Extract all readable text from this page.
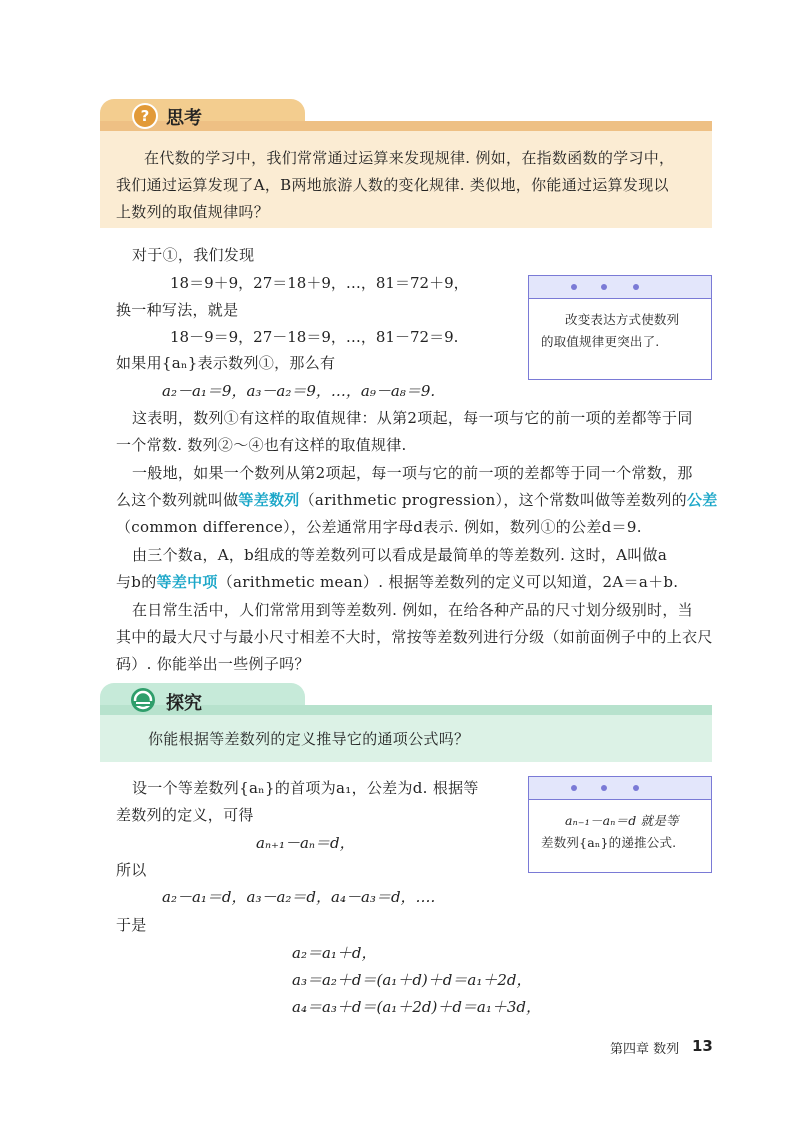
? 思考
在代数的学习中，我们常常通过运算来发现规律. 例如，在指数函数的学习中，
我们通过运算发现了A，B两地旅游人数的变化规律. 类似地，你能通过运算发现以
上数列的取值规律吗？
对于①，我们发现
18＝9＋9，27＝18＋9，…，81＝72＋9，
换一种写法，就是
18－9＝9，27－18＝9，…，81－72＝9.
如果用{aₙ}表示数列①，那么有
a₂－a₁＝9，a₃－a₂＝9，…，a₉－a₈＝9.
这表明，数列①有这样的取值规律：从第2项起，每一项与它的前一项的差都等于同
一个常数. 数列②～④也有这样的取值规律.
一般地，如果一个数列从第2项起，每一项与它的前一项的差都等于同一个常数，那
么这个数列就叫做等差数列（arithmetic progression），这个常数叫做等差数列的公差
（common difference），公差通常用字母d表示. 例如，数列①的公差d＝9.
由三个数a，A，b组成的等差数列可以看成是最简单的等差数列. 这时，A叫做a
与b的等差中项（arithmetic mean）. 根据等差数列的定义可以知道，2A＝a＋b.
在日常生活中，人们常常用到等差数列. 例如，在给各种产品的尺寸划分级别时，当
其中的最大尺寸与最小尺寸相差不大时，常按等差数列进行分级（如前面例子中的上衣尺
码）. 你能举出一些例子吗？
改变表达方式使数列
的取值规律更突出了.
探究
你能根据等差数列的定义推导它的通项公式吗？
设一个等差数列{aₙ}的首项为a₁，公差为d. 根据等
差数列的定义，可得
aₙ₊₁－aₙ＝d，
所以
a₂－a₁＝d，a₃－a₂＝d，a₄－a₃＝d，….
于是
a₂＝a₁＋d，
a₃＝a₂＋d＝(a₁＋d)＋d＝a₁＋2d，
a₄＝a₃＋d＝(a₁＋2d)＋d＝a₁＋3d，
aₙ₋₁－aₙ＝d 就是等
差数列{aₙ}的递推公式.
第四章 数列 13
